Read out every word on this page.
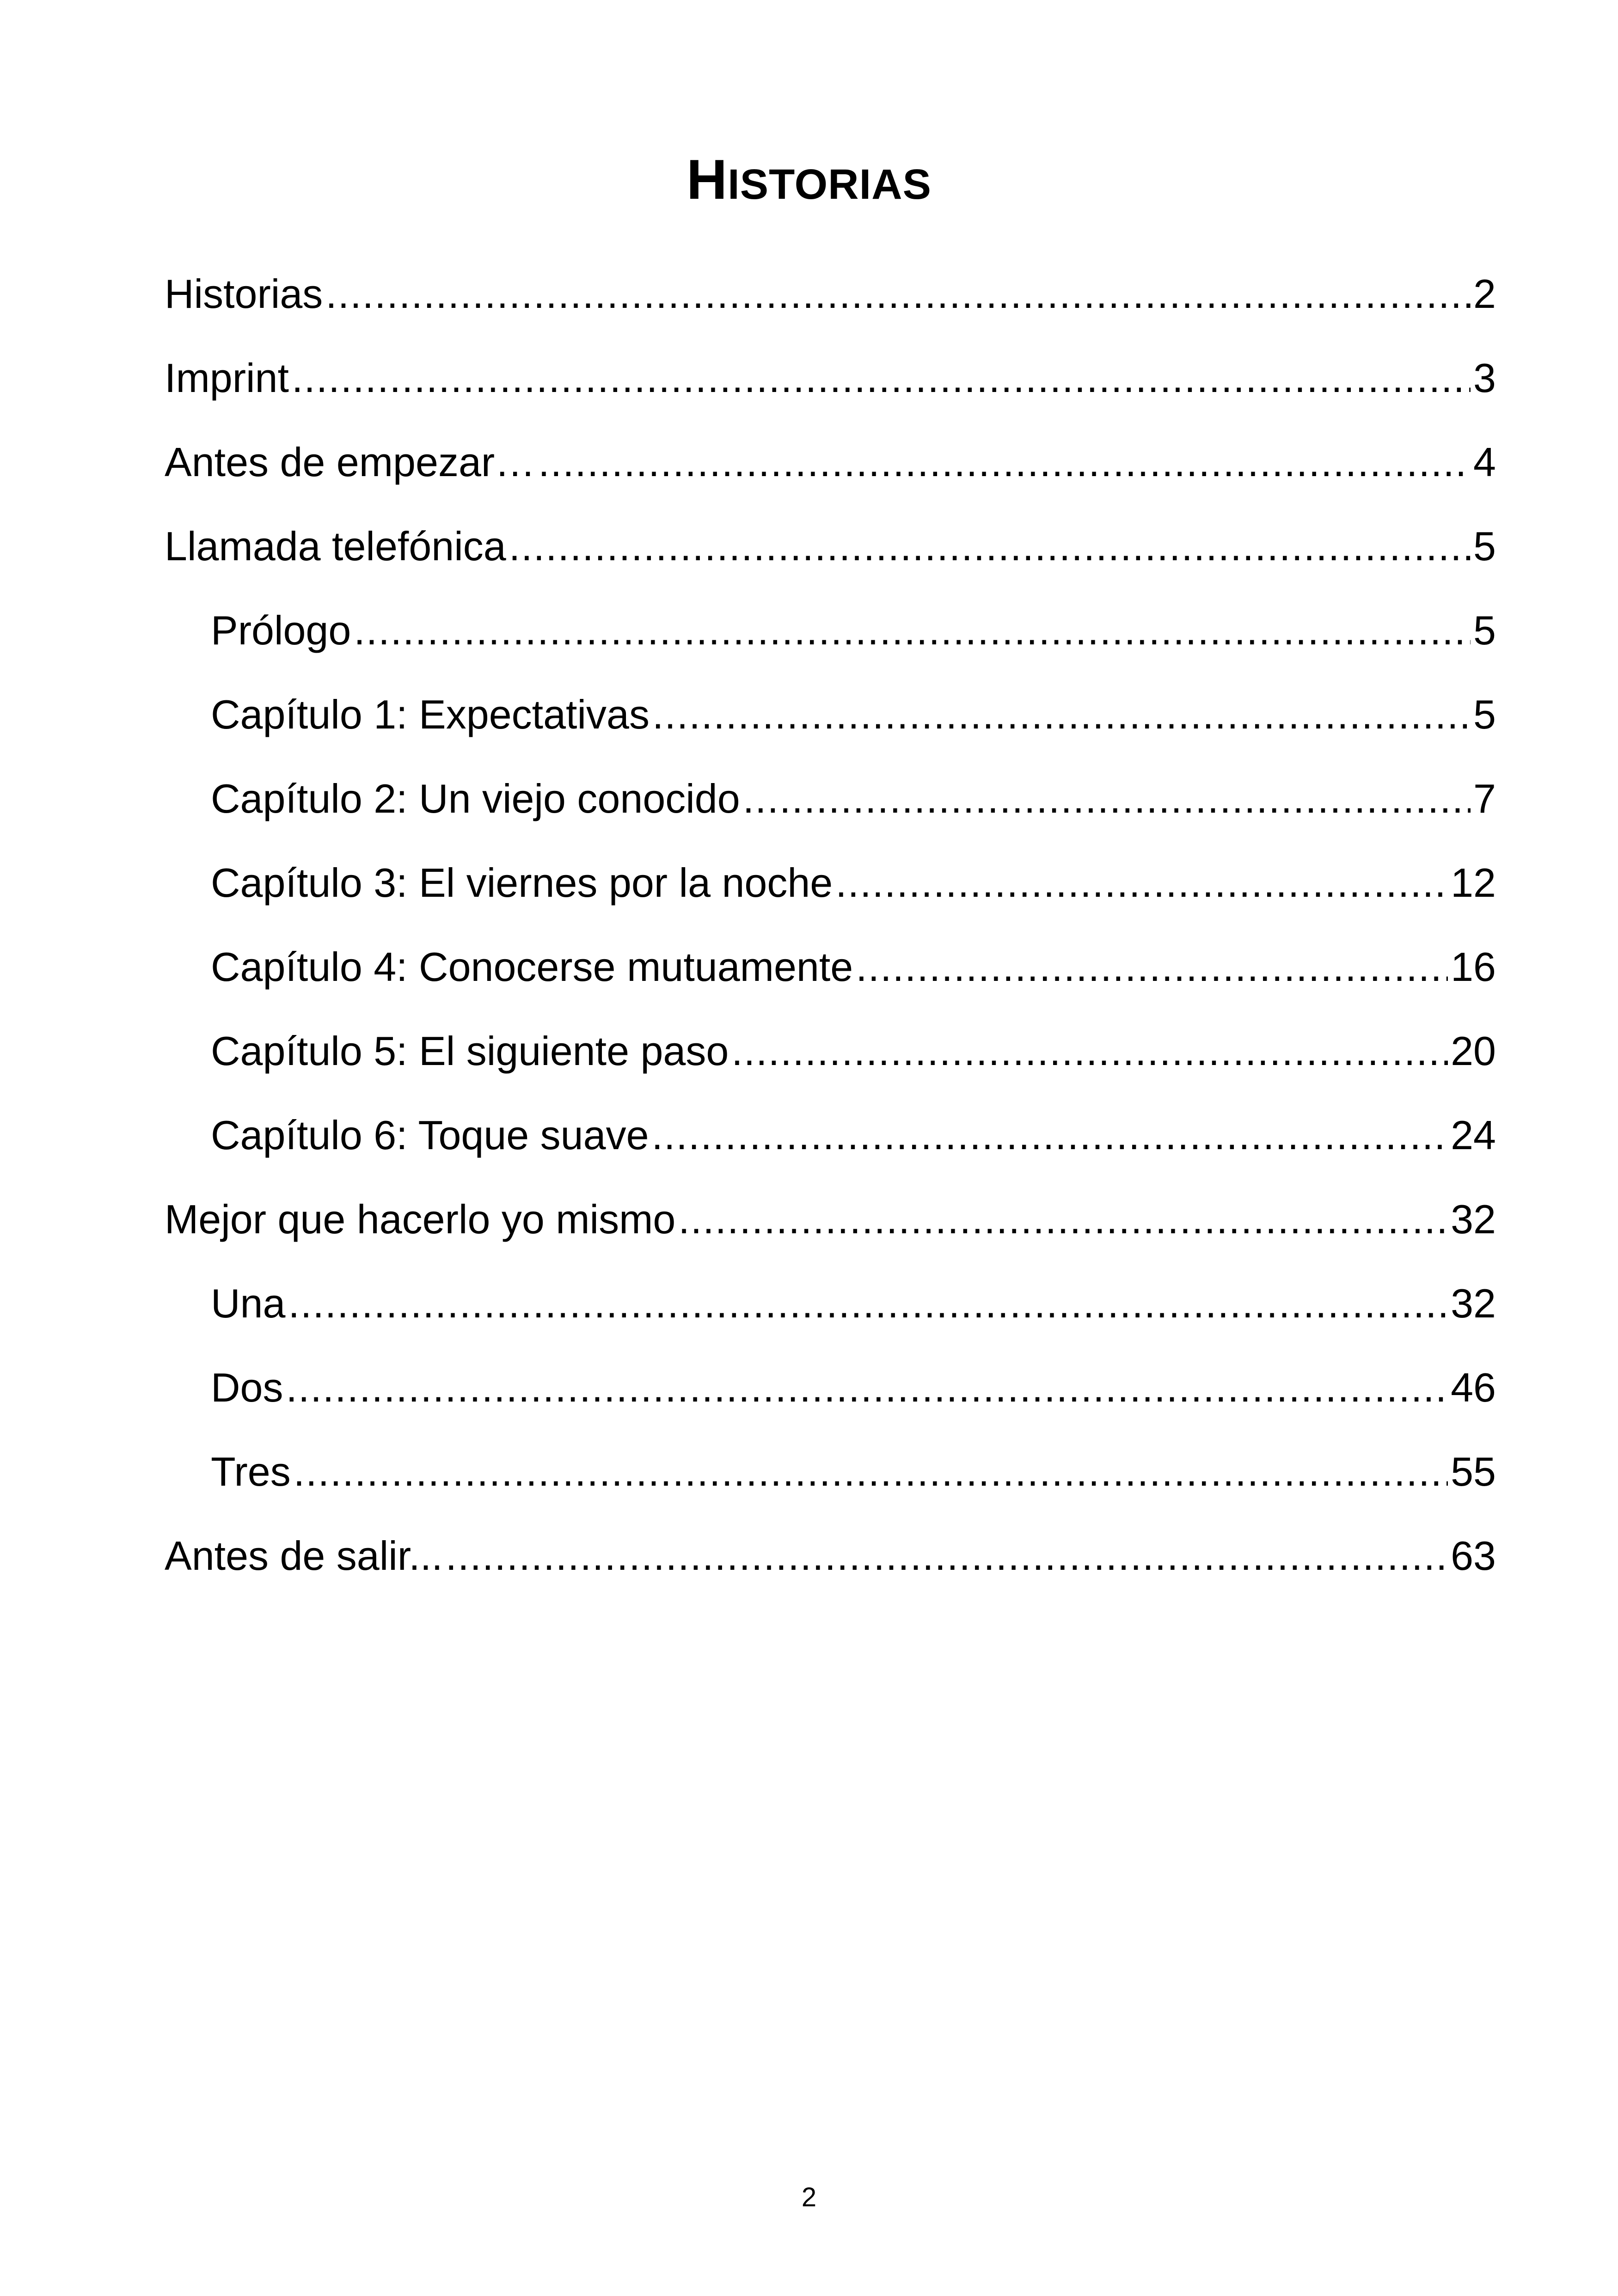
HISTORIAS
Historias .....	2
Imprint .....	3
Antes de empezar… .....	4
Llamada telefónica .....	5
Prólogo .....	5
Capítulo 1: Expectativas .....	5
Capítulo 2: Un viejo conocido .....	7
Capítulo 3: El viernes por la noche .....	12
Capítulo 4: Conocerse mutuamente .....	16
Capítulo 5: El siguiente paso .....	20
Capítulo 6: Toque suave .....	24
Mejor que hacerlo yo mismo .....	32
Una .....	32
Dos .....	46
Tres .....	55
Antes de salir... .....	63
2
